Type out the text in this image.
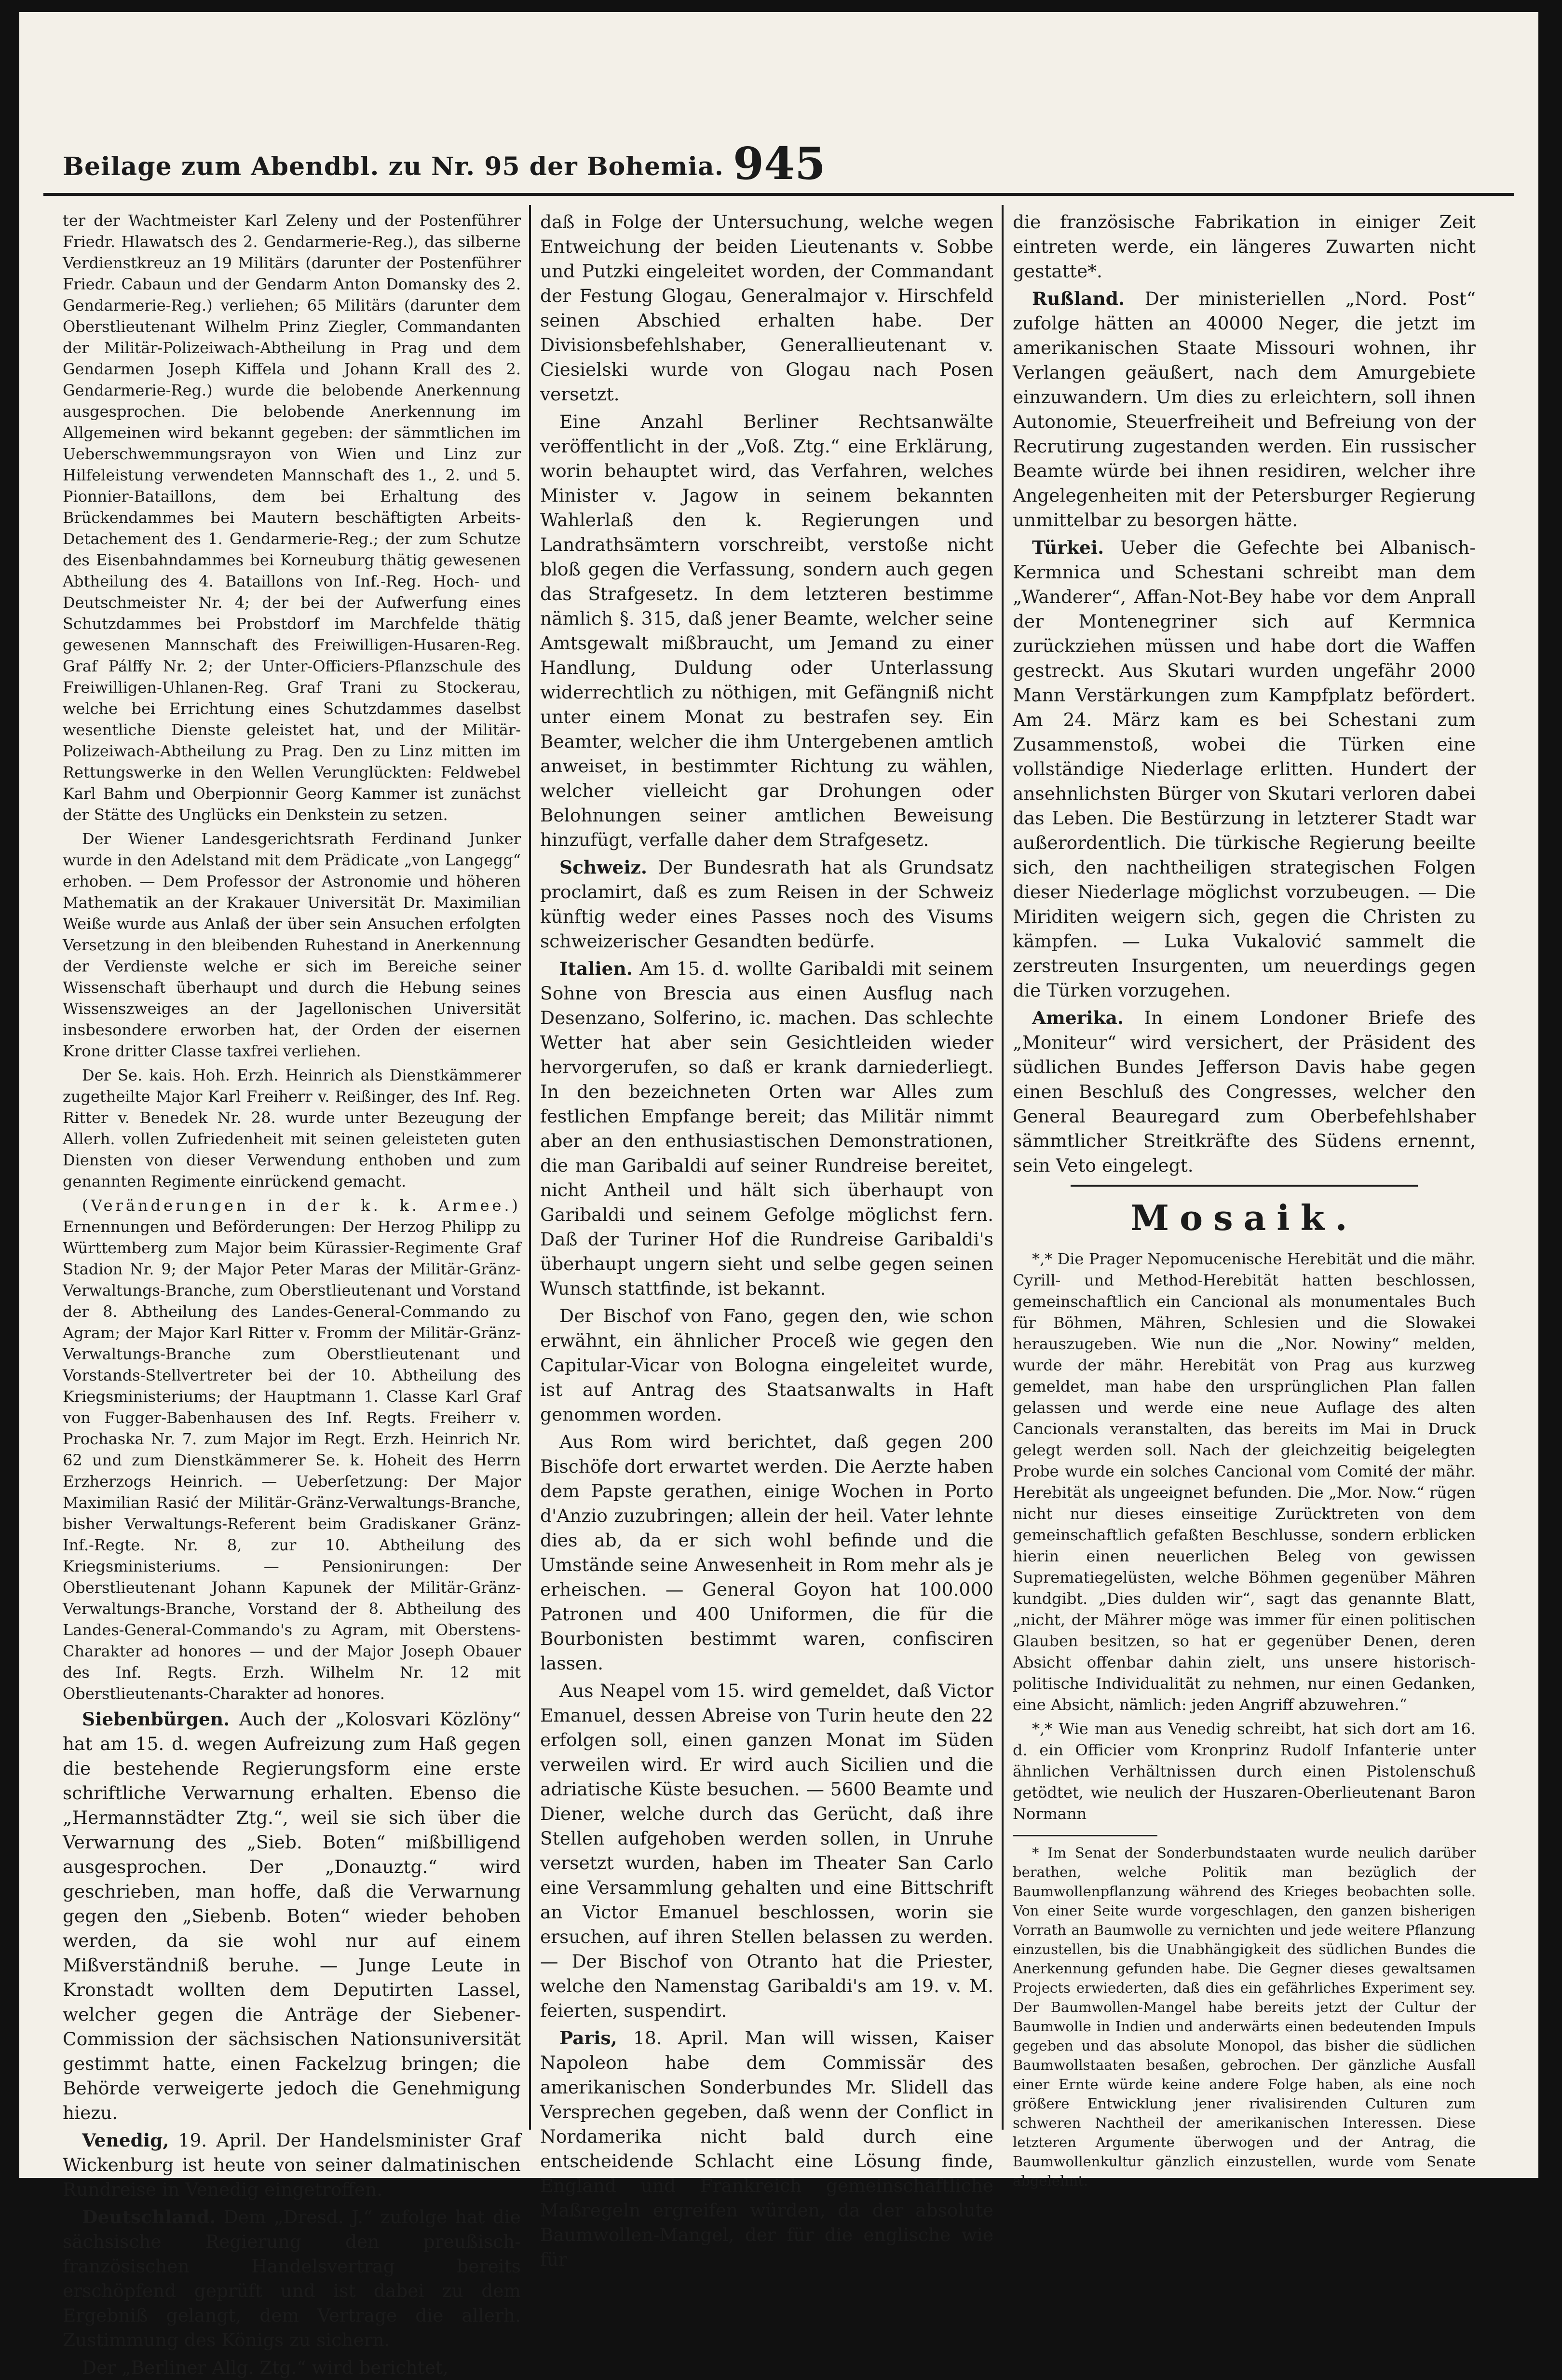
Beilage zum Abendbl. zu Nr. 95 der Bohemia. 945

ter der Wachtmeister Karl Zeleny und der Postenführer Friedr. Hlawatsch des 2. Gendarmerie-Reg.), das silberne Verdienstkreuz an 19 Militärs (darunter der Postenführer Friedr. Cabaun und der Gendarm Anton Domansky des 2. Gendarmerie-Reg.) verliehen; 65 Militärs (darunter dem Oberstlieutenant Wilhelm Prinz Ziegler, Commandanten der Militär-Polizeiwach-Abtheilung in Prag und dem Gendarmen Joseph Kiffela und Johann Krall des 2. Gendarmerie-Reg.) wurde die belobende Anerkennung ausgesprochen. Die belobende Anerkennung im Allgemeinen wird bekannt gegeben: der sämmtlichen im Ueberschwemmungsrayon von Wien und Linz zur Hilfeleistung verwendeten Mannschaft des 1., 2. und 5. Pionnier-Bataillons, dem bei Erhaltung des Brückendammes bei Mautern beschäftigten Arbeits-Detachement des 1. Gendarmerie-Reg.; der zum Schutze des Eisenbahndammes bei Korneuburg thätig gewesenen Abtheilung des 4. Bataillons von Inf.-Reg. Hoch- und Deutschmeister Nr. 4; der bei der Aufwerfung eines Schutzdammes bei Probstdorf im Marchfelde thätig gewesenen Mannschaft des Freiwilligen-Husaren-Reg. Graf Pálffy Nr. 2; der Unter-Officiers-Pflanzschule des Freiwilligen-Uhlanen-Reg. Graf Trani zu Stockerau, welche bei Errichtung eines Schutzdammes daselbst wesentliche Dienste geleistet hat, und der Militär-Polizeiwach-Abtheilung zu Prag. Den zu Linz mitten im Rettungswerke in den Wellen Verunglückten: Feldwebel Karl Bahm und Oberpionnir Georg Kammer ist zunächst der Stätte des Unglücks ein Denkstein zu setzen.

Der Wiener Landesgerichtsrath Ferdinand Junker wurde in den Adelstand mit dem Prädicate „von Langegg“ erhoben. — Dem Professor der Astronomie und höheren Mathematik an der Krakauer Universität Dr. Maximilian Weiße wurde aus Anlaß der über sein Ansuchen erfolgten Versetzung in den bleibenden Ruhestand in Anerkennung der Verdienste welche er sich im Bereiche seiner Wissenschaft überhaupt und durch die Hebung seines Wissenszweiges an der Jagellonischen Universität insbesondere erworben hat, der Orden der eisernen Krone dritter Classe taxfrei verliehen.

Der Se. kais. Hoh. Erzh. Heinrich als Dienstkämmerer zugetheilte Major Karl Freiherr v. Reißinger, des Inf. Reg. Ritter v. Benedek Nr. 28. wurde unter Bezeugung der Allerh. vollen Zufriedenheit mit seinen geleisteten guten Diensten von dieser Verwendung enthoben und zum genannten Regimente einrückend gemacht.

(Veränderungen in der k. k. Armee.) Ernennungen und Beförderungen: Der Herzog Philipp zu Württemberg zum Major beim Kürassier-Regimente Graf Stadion Nr. 9; der Major Peter Maras der Militär-Gränz-Verwaltungs-Branche, zum Oberstlieutenant und Vorstand der 8. Abtheilung des Landes-General-Commando zu Agram; der Major Karl Ritter v. Fromm der Militär-Gränz-Verwaltungs-Branche zum Oberstlieutenant und Vorstands-Stellvertreter bei der 10. Abtheilung des Kriegsministeriums; der Hauptmann 1. Classe Karl Graf von Fugger-Babenhausen des Inf. Regts. Freiherr v. Prochaska Nr. 7. zum Major im Regt. Erzh. Heinrich Nr. 62 und zum Dienstkämmerer Se. k. Hoheit des Herrn Erzherzogs Heinrich. — Ueberſetzung: Der Major Maximilian Rasić der Militär-Gränz-Verwaltungs-Branche, bisher Verwaltungs-Referent beim Gradiskaner Gränz-Inf.-Regte. Nr. 8, zur 10. Abtheilung des Kriegsministeriums. — Pensionirungen: Der Oberstlieutenant Johann Kapunek der Militär-Gränz-Verwaltungs-Branche, Vorstand der 8. Abtheilung des Landes-General-Commando's zu Agram, mit Oberstens-Charakter ad honores — und der Major Joseph Obauer des Inf. Regts. Erzh. Wilhelm Nr. 12 mit Oberstlieutenants-Charakter ad honores.

Siebenbürgen. Auch der „Kolosvari Közlöny“ hat am 15. d. wegen Aufreizung zum Haß gegen die bestehende Regierungsform eine erste schriftliche Verwarnung erhalten. Ebenso die „Hermannstädter Ztg.“, weil sie sich über die Verwarnung des „Sieb. Boten“ mißbilligend ausgesprochen. Der „Donauztg.“ wird geschrieben, man hoffe, daß die Verwarnung gegen den „Siebenb. Boten“ wieder behoben werden, da sie wohl nur auf einem Mißverständniß beruhe. — Junge Leute in Kronstadt wollten dem Deputirten Lassel, welcher gegen die Anträge der Siebener-Commission der sächsischen Nationsuniversität gestimmt hatte, einen Fackelzug bringen; die Behörde verweigerte jedoch die Genehmigung hiezu.

Venedig, 19. April. Der Handelsminister Graf Wickenburg ist heute von seiner dalmatinischen Rundreise in Venedig eingetroffen.

Deutschland. Dem „Dresd. J.“ zufolge hat die sächsische Regierung den preußisch-französischen Handelsvertrag bereits erschöpfend geprüft und ist dabei zu dem Ergebniß gelangt, dem Vertrage die allerh. Zustimmung des Königs zu sichern.

Der „Berliner Allg. Ztg.“ wird berichtet,

daß in Folge der Untersuchung, welche wegen Entweichung der beiden Lieutenants v. Sobbe und Putzki eingeleitet worden, der Commandant der Festung Glogau, Generalmajor v. Hirschfeld seinen Abschied erhalten habe. Der Divisionsbefehlshaber, Generallieutenant v. Ciesielski wurde von Glogau nach Posen versetzt.

Eine Anzahl Berliner Rechtsanwälte veröffentlicht in der „Voß. Ztg.“ eine Erklärung, worin behauptet wird, das Verfahren, welches Minister v. Jagow in seinem bekannten Wahlerlaß den k. Regierungen und Landrathsämtern vorschreibt, verstoße nicht bloß gegen die Verfassung, sondern auch gegen das Strafgesetz. In dem letzteren bestimme nämlich §. 315, daß jener Beamte, welcher seine Amtsgewalt mißbraucht, um Jemand zu einer Handlung, Duldung oder Unterlassung widerrechtlich zu nöthigen, mit Gefängniß nicht unter einem Monat zu bestrafen sey. Ein Beamter, welcher die ihm Untergebenen amtlich anweiset, in bestimmter Richtung zu wählen, welcher vielleicht gar Drohungen oder Belohnungen seiner amtlichen Beweisung hinzufügt, verfalle daher dem Strafgesetz.

Schweiz. Der Bundesrath hat als Grundsatz proclamirt, daß es zum Reisen in der Schweiz künftig weder eines Passes noch des Visums schweizerischer Gesandten bedürfe.

Italien. Am 15. d. wollte Garibaldi mit seinem Sohne von Brescia aus einen Ausflug nach Desenzano, Solferino, ic. machen. Das schlechte Wetter hat aber sein Gesichtleiden wieder hervorgerufen, so daß er krank darniederliegt. In den bezeichneten Orten war Alles zum festlichen Empfange bereit; das Militär nimmt aber an den enthusiastischen Demonstrationen, die man Garibaldi auf seiner Rundreise bereitet, nicht Antheil und hält sich überhaupt von Garibaldi und seinem Gefolge möglichst fern. Daß der Turiner Hof die Rundreise Garibaldi's überhaupt ungern sieht und selbe gegen seinen Wunsch stattfinde, ist bekannt.

Der Bischof von Fano, gegen den, wie schon erwähnt, ein ähnlicher Proceß wie gegen den Capitular-Vicar von Bologna eingeleitet wurde, ist auf Antrag des Staatsanwalts in Haft genommen worden.

Aus Rom wird berichtet, daß gegen 200 Bischöfe dort erwartet werden. Die Aerzte haben dem Papste gerathen, einige Wochen in Porto d'Anzio zuzubringen; allein der heil. Vater lehnte dies ab, da er sich wohl befinde und die Umstände seine Anwesenheit in Rom mehr als je erheischen. — General Goyon hat 100.000 Patronen und 400 Uniformen, die für die Bourbonisten bestimmt waren, confisciren lassen.

Aus Neapel vom 15. wird gemeldet, daß Victor Emanuel, dessen Abreise von Turin heute den 22 erfolgen soll, einen ganzen Monat im Süden verweilen wird. Er wird auch Sicilien und die adriatische Küste besuchen. — 5600 Beamte und Diener, welche durch das Gerücht, daß ihre Stellen aufgehoben werden sollen, in Unruhe versetzt wurden, haben im Theater San Carlo eine Versammlung gehalten und eine Bittschrift an Victor Emanuel beschlossen, worin sie ersuchen, auf ihren Stellen belassen zu werden. — Der Bischof von Otranto hat die Priester, welche den Namenstag Garibaldi's am 19. v. M. feierten, suspendirt.

Paris, 18. April. Man will wissen, Kaiser Napoleon habe dem Commissär des amerikanischen Sonderbundes Mr. Slidell das Versprechen gegeben, daß wenn der Conflict in Nordamerika nicht bald durch eine entscheidende Schlacht eine Lösung finde, England und Frankreich gemeinschaftliche Maßregeln ergreifen würden, da der absolute Baumwollen-Mangel, der für die englische wie für

die französische Fabrikation in einiger Zeit eintreten werde, ein längeres Zuwarten nicht gestatte*.

Rußland. Der ministeriellen „Nord. Post“ zufolge hätten an 40000 Neger, die jetzt im amerikanischen Staate Missouri wohnen, ihr Verlangen geäußert, nach dem Amurgebiete einzuwandern. Um dies zu erleichtern, soll ihnen Autonomie, Steuerfreiheit und Befreiung von der Recrutirung zugestanden werden. Ein russischer Beamte würde bei ihnen residiren, welcher ihre Angelegenheiten mit der Petersburger Regierung unmittelbar zu besorgen hätte.

Türkei. Ueber die Gefechte bei Albanisch-Kermnica und Schestani schreibt man dem „Wanderer“, Affan-Not-Bey habe vor dem Anprall der Montenegriner sich auf Kermnica zurückziehen müssen und habe dort die Waffen gestreckt. Aus Skutari wurden ungefähr 2000 Mann Verstärkungen zum Kampfplatz befördert. Am 24. März kam es bei Schestani zum Zusammenstoß, wobei die Türken eine vollständige Niederlage erlitten. Hundert der ansehnlichsten Bürger von Skutari verloren dabei das Leben. Die Bestürzung in letzterer Stadt war außerordentlich. Die türkische Regierung beeilte sich, den nachtheiligen strategischen Folgen dieser Niederlage möglichst vorzubeugen. — Die Miriditen weigern sich, gegen die Christen zu kämpfen. — Luka Vukalović sammelt die zerstreuten Insurgenten, um neuerdings gegen die Türken vorzugehen.

Amerika. In einem Londoner Briefe des „Moniteur“ wird versichert, der Präsident des südlichen Bundes Jefferson Davis habe gegen einen Beschluß des Congresses, welcher den General Beauregard zum Oberbefehlshaber sämmtlicher Streitkräfte des Südens ernennt, sein Veto eingelegt.

Mosaik.

*,* Die Prager Nepomucenische Herebität und die mähr. Cyrill- und Method-Herebität hatten beschlossen, gemeinschaftlich ein Cancional als monumentales Buch für Böhmen, Mähren, Schlesien und die Slowakei herauszugeben. Wie nun die „Nor. Nowiny“ melden, wurde der mähr. Herebität von Prag aus kurzweg gemeldet, man habe den ursprünglichen Plan fallen gelassen und werde eine neue Auflage des alten Cancionals veranstalten, das bereits im Mai in Druck gelegt werden soll. Nach der gleichzeitig beigelegten Probe wurde ein solches Cancional vom Comité der mähr. Herebität als ungeeignet befunden. Die „Mor. Now.“ rügen nicht nur dieses einseitige Zurücktreten von dem gemeinschaftlich gefaßten Beschlusse, sondern erblicken hierin einen neuerlichen Beleg von gewissen Suprematiegelüsten, welche Böhmen gegenüber Mähren kundgibt. „Dies dulden wir“, sagt das genannte Blatt, „nicht, der Mährer möge was immer für einen politischen Glauben besitzen, so hat er gegenüber Denen, deren Absicht offenbar dahin zielt, uns unsere historisch-politische Individualität zu nehmen, nur einen Gedanken, eine Absicht, nämlich: jeden Angriff abzuwehren.“

*,* Wie man aus Venedig schreibt, hat sich dort am 16. d. ein Officier vom Kronprinz Rudolf Infanterie unter ähnlichen Verhältnissen durch einen Pistolenschuß getödtet, wie neulich der Huszaren-Oberlieutenant Baron Normann

* Im Senat der Sonderbundstaaten wurde neulich darüber berathen, welche Politik man bezüglich der Baumwollenpflanzung während des Krieges beobachten solle. Von einer Seite wurde vorgeschlagen, den ganzen bisherigen Vorrath an Baumwolle zu vernichten und jede weitere Pflanzung einzustellen, bis die Unabhängigkeit des südlichen Bundes die Anerkennung gefunden habe. Die Gegner dieses gewaltsamen Projects erwiederten, daß dies ein gefährliches Experiment sey. Der Baumwollen-Mangel habe bereits jetzt der Cultur der Baumwolle in Indien und anderwärts einen bedeutenden Impuls gegeben und das absolute Monopol, das bisher die südlichen Baumwollstaaten besaßen, gebrochen. Der gänzliche Ausfall einer Ernte würde keine andere Folge haben, als eine noch größere Entwicklung jener rivalisirenden Culturen zum schweren Nachtheil der amerikanischen Interessen. Diese letzteren Argumente überwogen und der Antrag, die Baumwollenkultur gänzlich einzustellen, wurde vom Senate abgelehnt.
